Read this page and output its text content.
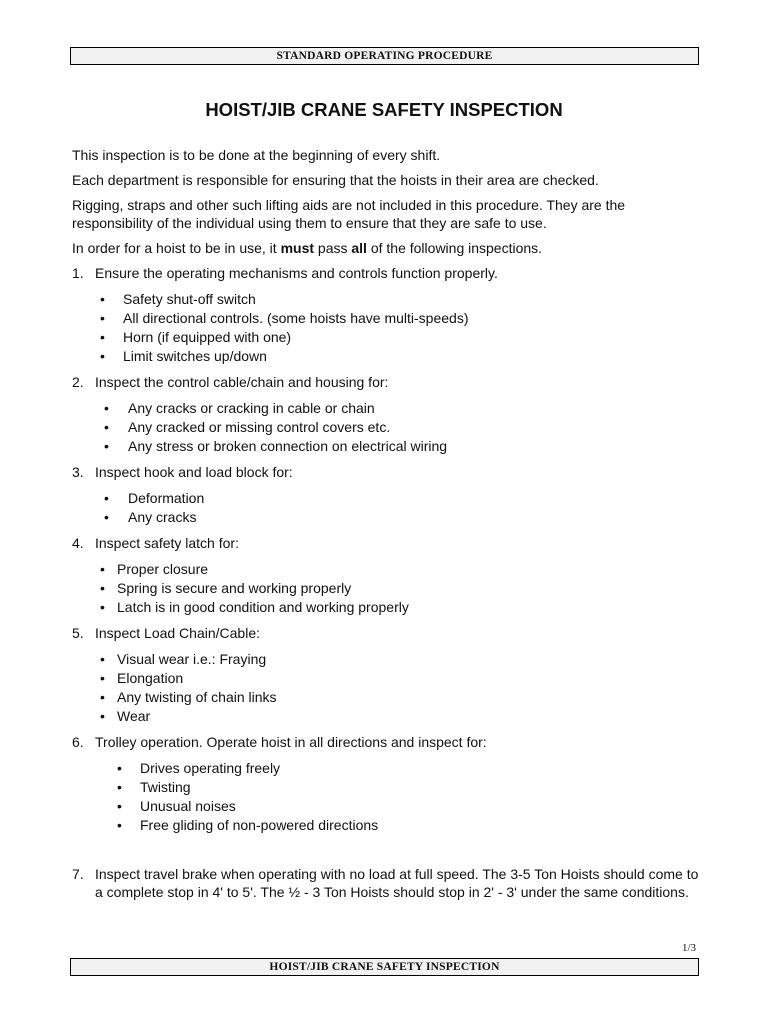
STANDARD OPERATING PROCEDURE
HOIST/JIB CRANE SAFETY INSPECTION

This inspection is to be done at the beginning of every shift.

Each department is responsible for ensuring that the hoists in their area are checked.

Rigging, straps and other such lifting aids are not included in this procedure. They are the responsibility of the individual using them to ensure that they are safe to use.

In order for a hoist to be in use, it must pass all of the following inspections.

1. Ensure the operating mechanisms and controls function properly.
• Safety shut-off switch
• All directional controls. (some hoists have multi-speeds)
• Horn (if equipped with one)
• Limit switches up/down
2. Inspect the control cable/chain and housing for:
• Any cracks or cracking in cable or chain
• Any cracked or missing control covers etc.
• Any stress or broken connection on electrical wiring
3. Inspect hook and load block for:
• Deformation
• Any cracks
4. Inspect safety latch for:
• Proper closure
• Spring is secure and working properly
• Latch is in good condition and working properly
5. Inspect Load Chain/Cable:
• Visual wear i.e.: Fraying
• Elongation
• Any twisting of chain links
• Wear
6. Trolley operation. Operate hoist in all directions and inspect for:
• Drives operating freely
• Twisting
• Unusual noises
• Free gliding of non-powered directions
7. Inspect travel brake when operating with no load at full speed. The 3-5 Ton Hoists should come to a complete stop in 4' to 5'. The ½ - 3 Ton Hoists should stop in 2' - 3' under the same conditions.
1/3
HOIST/JIB CRANE SAFETY INSPECTION
